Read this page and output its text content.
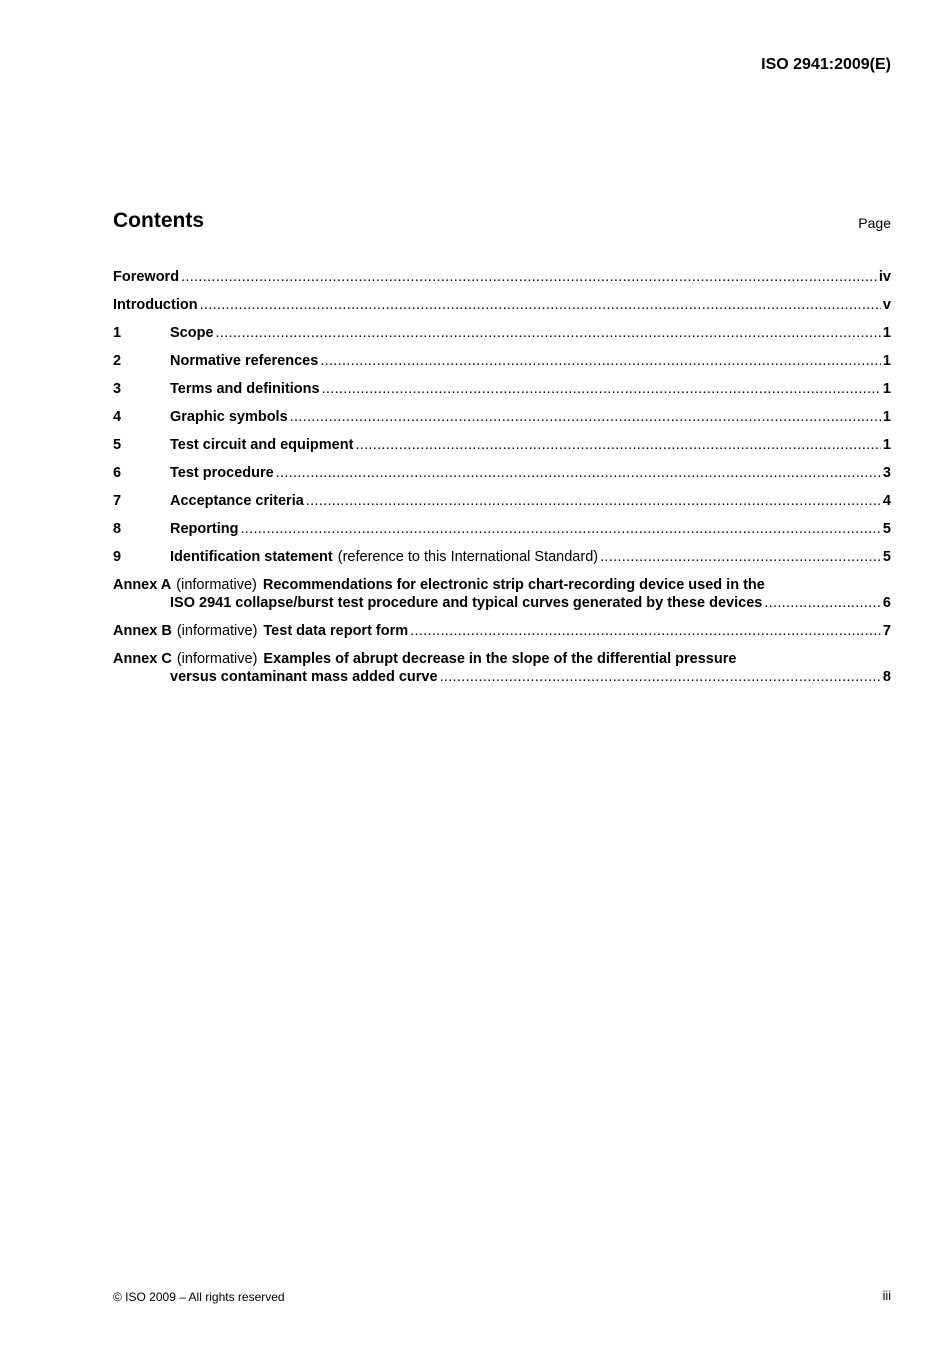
ISO 2941:2009(E)
Contents	Page
Foreword .....	iv
Introduction .....	v
1	Scope .....	1
2	Normative references .....	1
3	Terms and definitions .....	1
4	Graphic symbols .....	1
5	Test circuit and equipment .....	1
6	Test procedure .....	3
7	Acceptance criteria .....	4
8	Reporting .....	5
9	Identification statement (reference to this International Standard) .....	5
Annex A (informative) Recommendations for electronic strip chart-recording device used in the
ISO 2941 collapse/burst test procedure and typical curves generated by these devices .....	6
Annex B (informative) Test data report form .....	7
Annex C (informative) Examples of abrupt decrease in the slope of the differential pressure
versus contaminant mass added curve .....	8
© ISO 2009 – All rights reserved	iii
